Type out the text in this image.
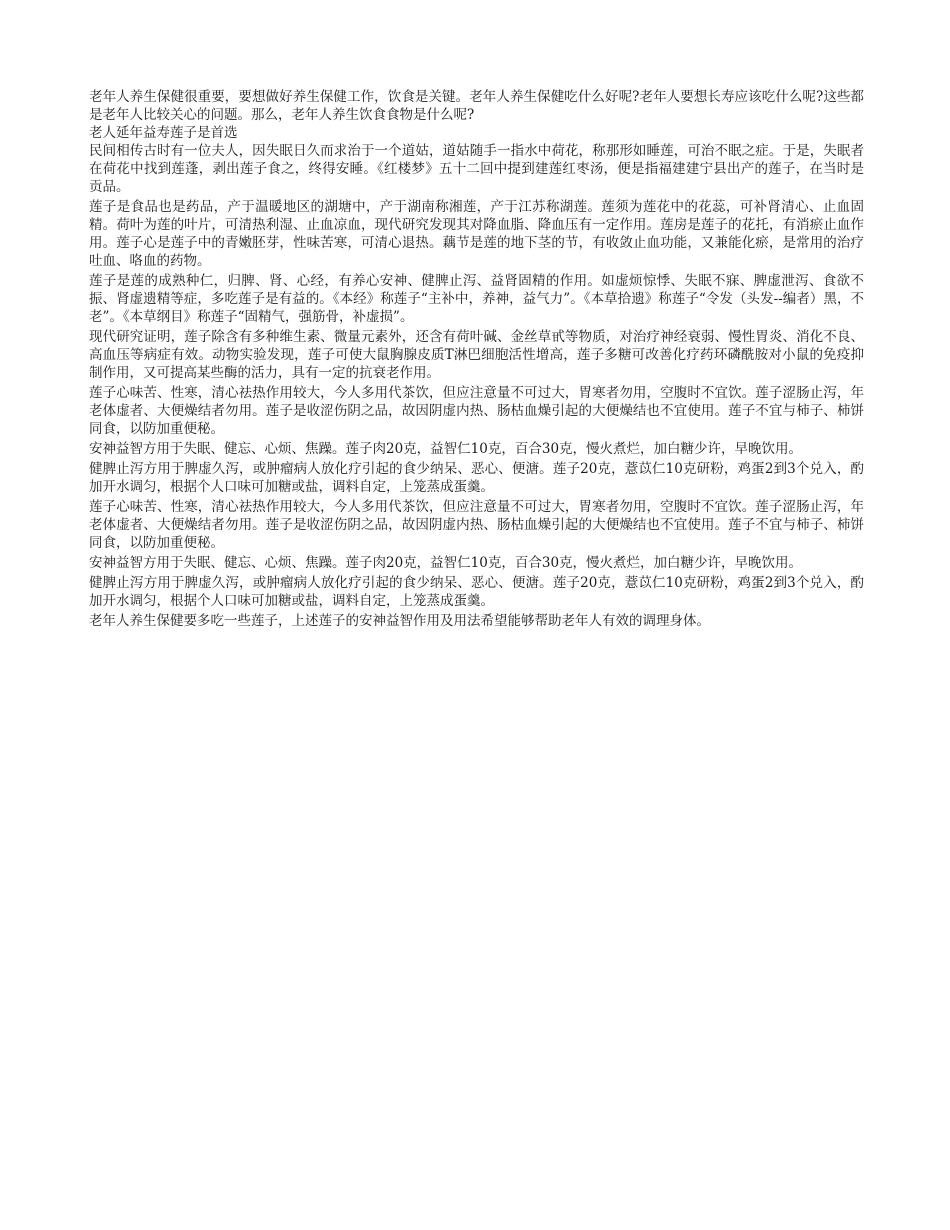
老年人养生保健很重要，要想做好养生保健工作，饮食是关键。老年人养生保健吃什么好呢?老年人要想长寿应该吃什么呢?这些都是老年人比较关心的问题。那么，老年人养生饮食食物是什么呢?

老人延年益寿莲子是首选

民间相传古时有一位夫人，因失眠日久而求治于一个道姑，道姑随手一指水中荷花，称那形如睡莲，可治不眠之症。于是，失眠者在荷花中找到莲蓬，剥出莲子食之，终得安睡。《红楼梦》五十二回中提到建莲红枣汤，便是指福建建宁县出产的莲子，在当时是贡品。

莲子是食品也是药品，产于温暖地区的湖塘中，产于湖南称湘莲，产于江苏称湖莲。莲须为莲花中的花蕊，可补肾清心、止血固精。荷叶为莲的叶片，可清热利湿、止血凉血，现代研究发现其对降血脂、降血压有一定作用。莲房是莲子的花托，有消瘀止血作用。莲子心是莲子中的青嫩胚芽，性味苦寒，可清心退热。藕节是莲的地下茎的节，有收敛止血功能，又兼能化瘀，是常用的治疗吐血、咯血的药物。

莲子是莲的成熟种仁，归脾、肾、心经，有养心安神、健脾止泻、益肾固精的作用。如虚烦惊悸、失眠不寐、脾虚泄泻、食欲不振、肾虚遗精等症，多吃莲子是有益的。《本经》称莲子“主补中，养神，益气力”。《本草拾遗》称莲子“令发（头发--编者）黑，不老”。《本草纲目》称莲子“固精气，强筋骨，补虚损”。

现代研究证明，莲子除含有多种维生素、微量元素外，还含有荷叶碱、金丝草甙等物质，对治疗神经衰弱、慢性胃炎、消化不良、高血压等病症有效。动物实验发现，莲子可使大鼠胸腺皮质T淋巴细胞活性增高，莲子多糖可改善化疗药环磷酰胺对小鼠的免疫抑制作用，又可提高某些酶的活力，具有一定的抗衰老作用。

莲子心味苦、性寒，清心祛热作用较大，今人多用代茶饮，但应注意量不可过大，胃寒者勿用，空腹时不宜饮。莲子涩肠止泻，年老体虚者、大便燥结者勿用。莲子是收涩伤阴之品，故因阴虚内热、肠枯血燥引起的大便燥结也不宜使用。莲子不宜与柿子、柿饼同食，以防加重便秘。

安神益智方用于失眠、健忘、心烦、焦躁。莲子肉20克，益智仁10克，百合30克，慢火煮烂，加白糖少许，早晚饮用。

健脾止泻方用于脾虚久泻，或肿瘤病人放化疗引起的食少纳呆、恶心、便溏。莲子20克，薏苡仁10克研粉，鸡蛋2到3个兑入，酌加开水调匀，根据个人口味可加糖或盐，调料自定，上笼蒸成蛋羹。

莲子心味苦、性寒，清心祛热作用较大，今人多用代茶饮，但应注意量不可过大，胃寒者勿用，空腹时不宜饮。莲子涩肠止泻，年老体虚者、大便燥结者勿用。莲子是收涩伤阴之品，故因阴虚内热、肠枯血燥引起的大便燥结也不宜使用。莲子不宜与柿子、柿饼同食，以防加重便秘。

安神益智方用于失眠、健忘、心烦、焦躁。莲子肉20克，益智仁10克，百合30克，慢火煮烂，加白糖少许，早晚饮用。

健脾止泻方用于脾虚久泻，或肿瘤病人放化疗引起的食少纳呆、恶心、便溏。莲子20克，薏苡仁10克研粉，鸡蛋2到3个兑入，酌加开水调匀，根据个人口味可加糖或盐，调料自定，上笼蒸成蛋羹。

老年人养生保健要多吃一些莲子，上述莲子的安神益智作用及用法希望能够帮助老年人有效的调理身体。
